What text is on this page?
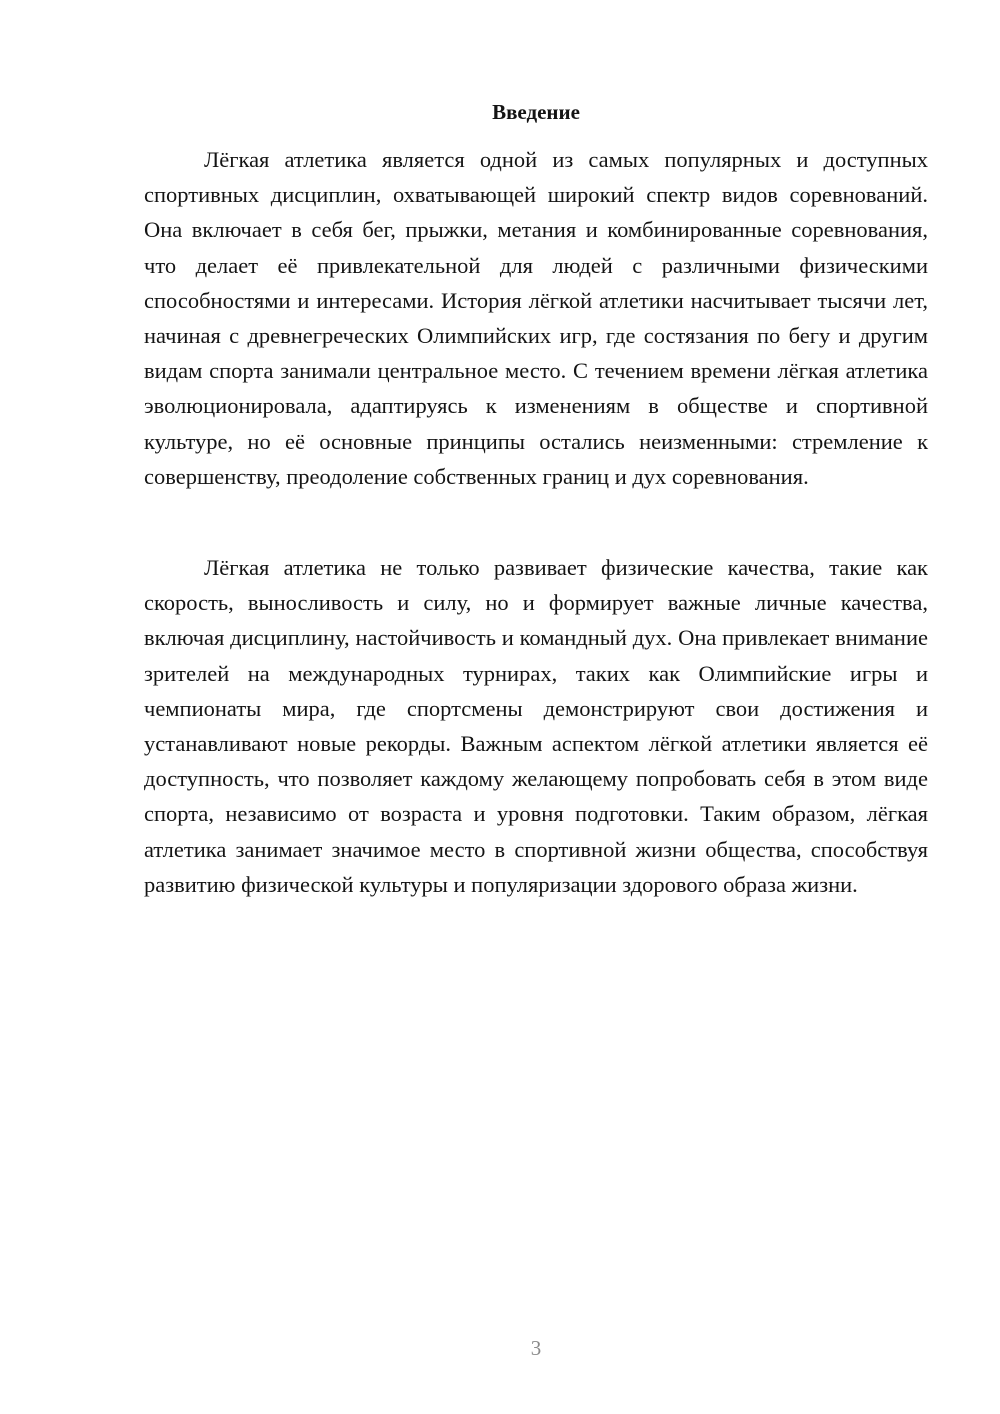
Введение

Лёгкая атлетика является одной из самых популярных и доступных спортивных дисциплин, охватывающей широкий спектр видов соревнований. Она включает в себя бег, прыжки, метания и комбинированные соревнования, что делает её привлекательной для людей с различными физическими способностями и интересами. История лёгкой атлетики насчитывает тысячи лет, начиная с древнегреческих Олимпийских игр, где состязания по бегу и другим видам спорта занимали центральное место. С течением времени лёгкая атлетика эволюционировала, адаптируясь к изменениям в обществе и спортивной культуре, но её основные принципы остались неизменными: стремление к совершенству, преодоление собственных границ и дух соревнования.

Лёгкая атлетика не только развивает физические качества, такие как скорость, выносливость и силу, но и формирует важные личные качества, включая дисциплину, настойчивость и командный дух. Она привлекает внимание зрителей на международных турнирах, таких как Олимпийские игры и чемпионаты мира, где спортсмены демонстрируют свои достижения и устанавливают новые рекорды. Важным аспектом лёгкой атлетики является её доступность, что позволяет каждому желающему попробовать себя в этом виде спорта, независимо от возраста и уровня подготовки. Таким образом, лёгкая атлетика занимает значимое место в спортивной жизни общества, способствуя развитию физической культуры и популяризации здорового образа жизни.

3
